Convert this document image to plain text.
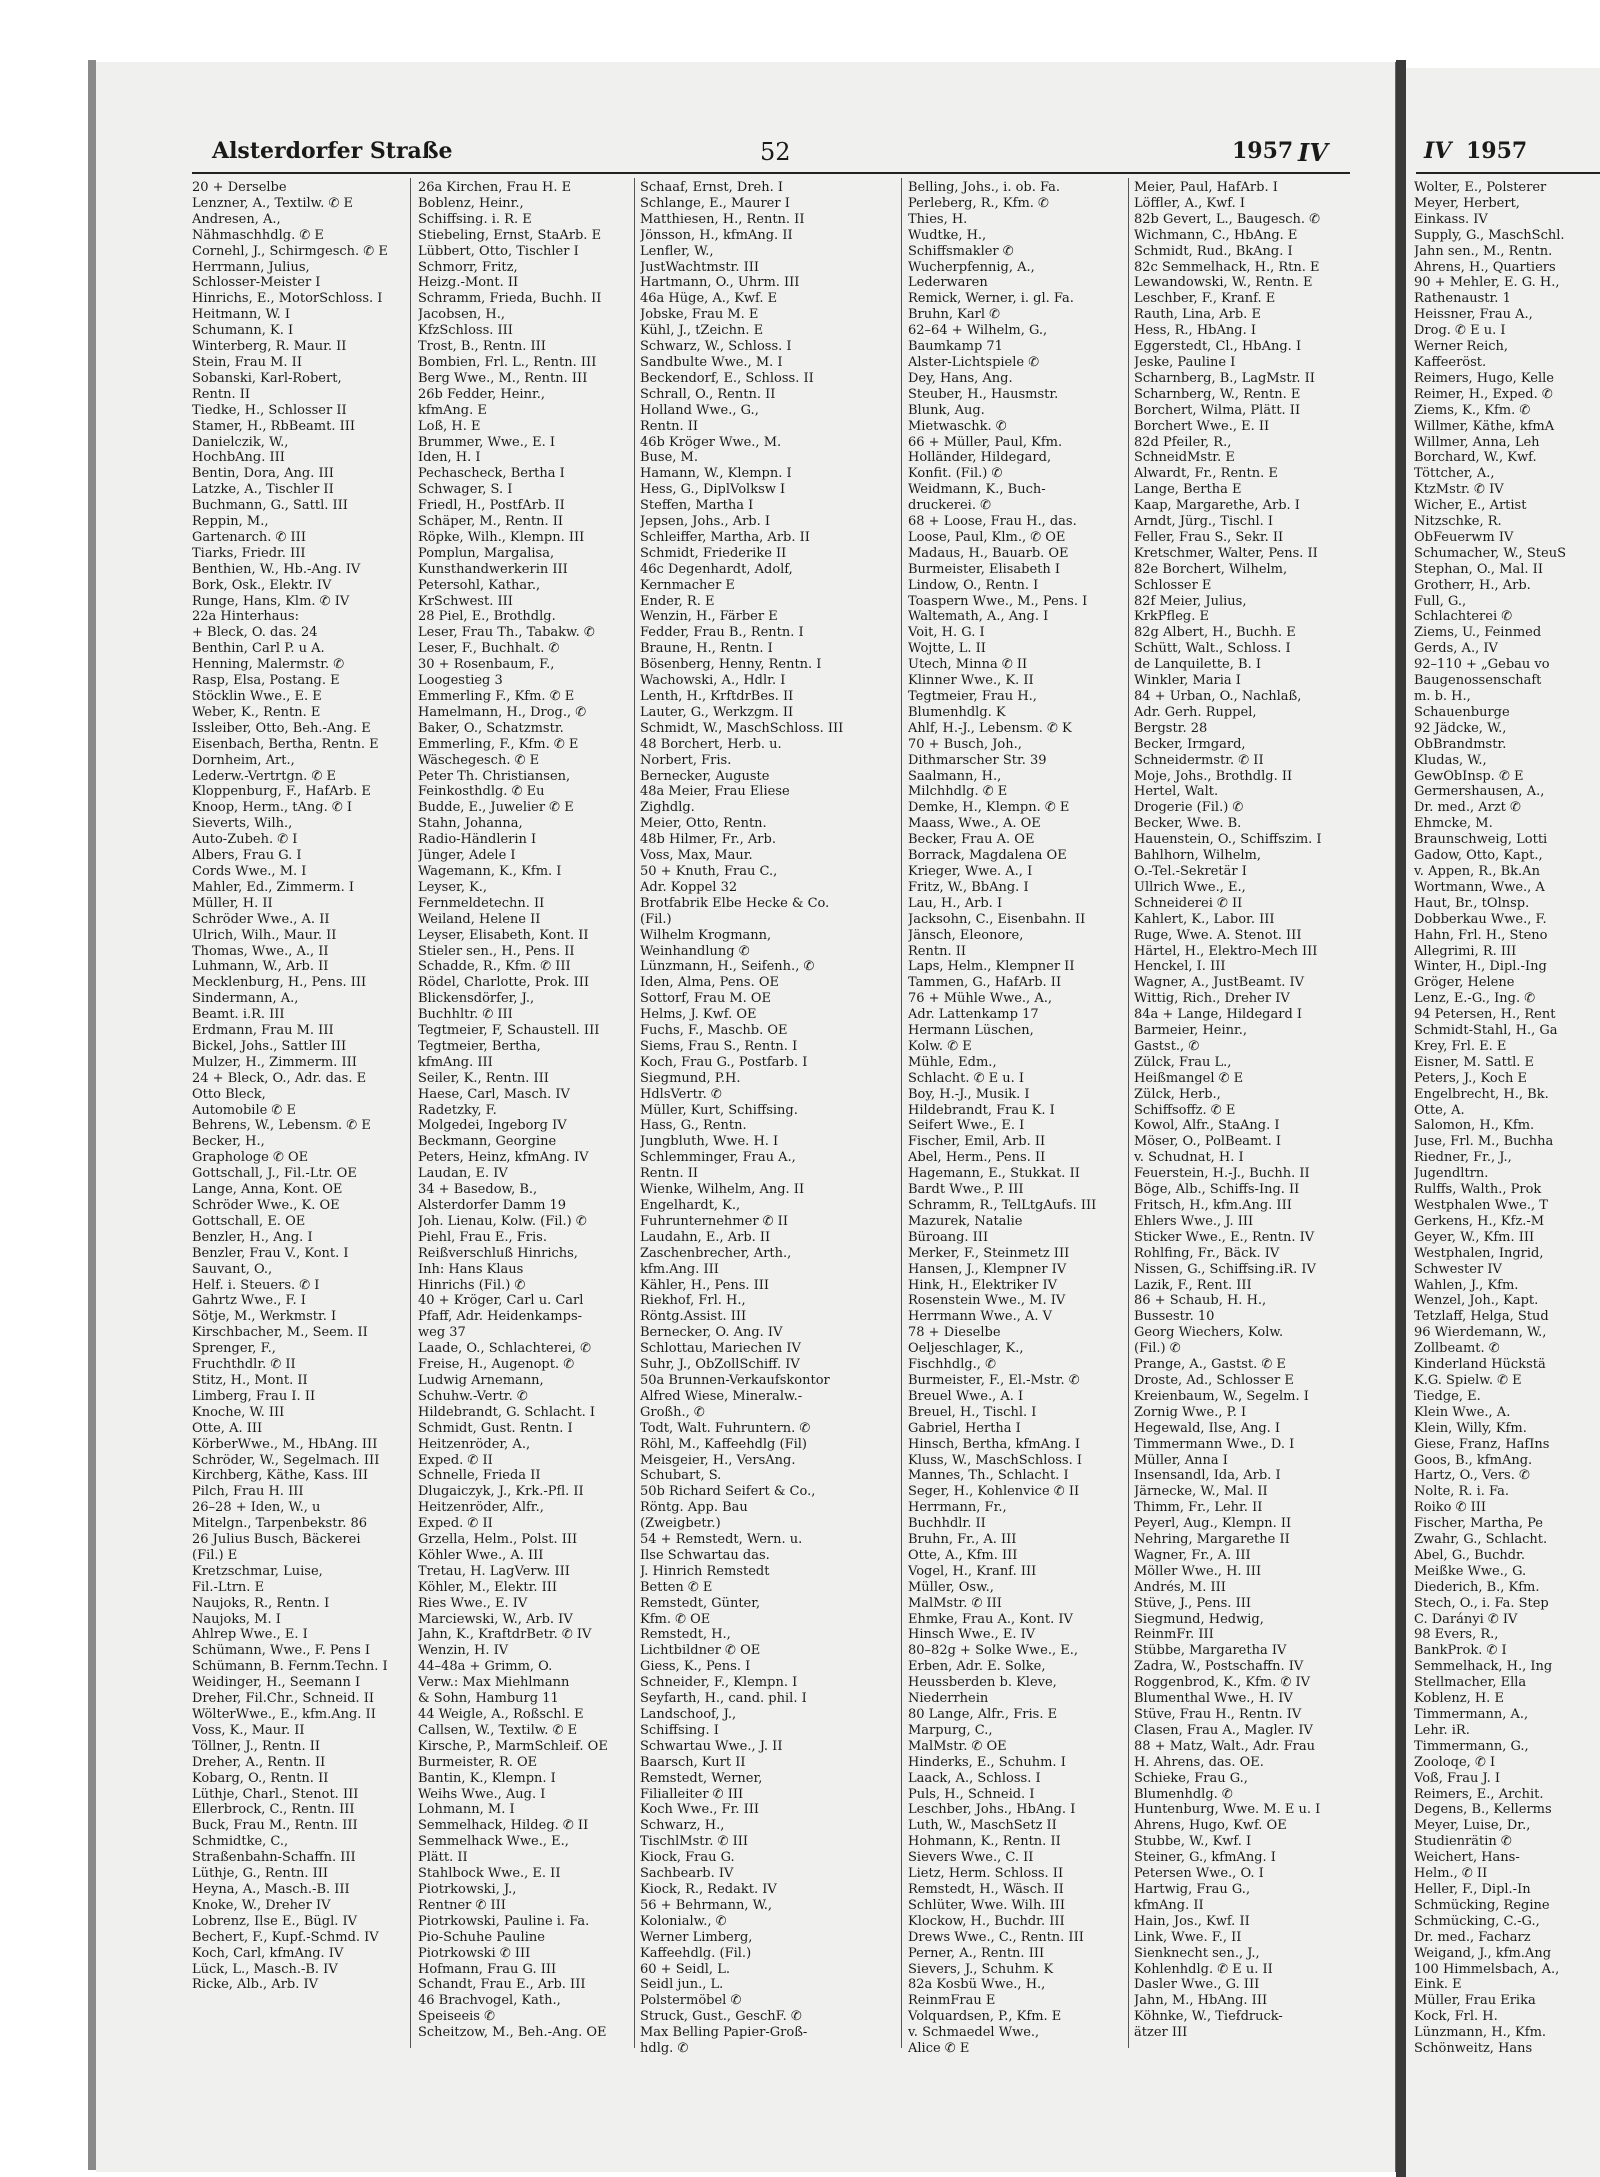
Alsterdorfer Straße	52	1957 IV	IV 1957
20 + Derselbe
Lenzner, A., Textilw. ✆ E
Andresen, A.,
Nähmaschhdlg. ✆ E
Cornehl, J., Schirmgesch. ✆ E
Herrmann, Julius,
Schlosser-Meister I
Hinrichs, E., MotorSchloss. I
Heitmann, W. I
Schumann, K. I
Winterberg, R. Maur. II
Stein, Frau M. II
Sobanski, Karl-Robert,
Rentn. II
Tiedke, H., Schlosser II
Stamer, H., RbBeamt. III
Danielczik, W.,
HochbAng. III
Bentin, Dora, Ang. III
Latzke, A., Tischler II
Buchmann, G., Sattl. III
Reppin, M.,
Gartenarch. ✆ III
Tiarks, Friedr. III
Benthien, W., Hb.-Ang. IV
Bork, Osk., Elektr. IV
Runge, Hans, Klm. ✆ IV
22a Hinterhaus:
+ Bleck, O. das. 24
Benthin, Carl P. u A.
Henning, Malermstr. ✆
Rasp, Elsa, Postang. E
Stöcklin Wwe., E. E
Weber, K., Rentn. E
Issleiber, Otto, Beh.-Ang. E
Eisenbach, Bertha, Rentn. E
Dornheim, Art.,
Lederw.-Vertrtgn. ✆ E
Kloppenburg, F., HafArb. E
Knoop, Herm., tAng. ✆ I
Sieverts, Wilh.,
Auto-Zubeh. ✆ I
Albers, Frau G. I
Cords Wwe., M. I
Mahler, Ed., Zimmerm. I
Müller, H. II
Schröder Wwe., A. II
Ulrich, Wilh., Maur. II
Thomas, Wwe., A., II
Luhmann, W., Arb. II
Mecklenburg, H., Pens. III
Sindermann, A.,
Beamt. i.R. III
Erdmann, Frau M. III
Bickel, Johs., Sattler III
Mulzer, H., Zimmerm. III
24 + Bleck, O., Adr. das. E
Otto Bleck,
Automobile ✆ E
Behrens, W., Lebensm. ✆ E
Becker, H.,
Graphologe ✆ OE
Gottschall, J., Fil.-Ltr. OE
Lange, Anna, Kont. OE
Schröder Wwe., K. OE
Gottschall, E. OE
Benzler, H., Ang. I
Benzler, Frau V., Kont. I
Sauvant, O.,
Helf. i. Steuers. ✆ I
Gahrtz Wwe., F. I
Sötje, M., Werkmstr. I
Kirschbacher, M., Seem. II
Sprenger, F.,
Fruchthdlr. ✆ II
Stitz, H., Mont. II
Limberg, Frau I. II
Knoche, W. III
Otte, A. III
KörberWwe., M., HbAng. III
Schröder, W., Segelmach. III
Kirchberg, Käthe, Kass. III
Pilch, Frau H. III
26–28 + Iden, W., u
Mitelgn., Tarpenbekstr. 86
26 Julius Busch, Bäckerei
(Fil.) E
Kretzschmar, Luise,
Fil.-Ltrn. E
Naujoks, R., Rentn. I
Naujoks, M. I
Ahlrep Wwe., E. I
Schümann, Wwe., F. Pens I
Schümann, B. Fernm.Techn. I
Weidinger, H., Seemann I
Dreher, Fil.Chr., Schneid. II
WölterWwe., E., kfm.Ang. II
Voss, K., Maur. II
Töllner, J., Rentn. II
Dreher, A., Rentn. II
Kobarg, O., Rentn. II
Lüthje, Charl., Stenot. III
Ellerbrock, C., Rentn. III
Buck, Frau M., Rentn. III
Schmidtke, C.,
Straßenbahn-Schaffn. III
Lüthje, G., Rentn. III
Heyna, A., Masch.-B. III
Knoke, W., Dreher IV
Lobrenz, Ilse E., Bügl. IV
Bechert, F., Kupf.-Schmd. IV
Koch, Carl, kfmAng. IV
Lück, L., Masch.-B. IV
Ricke, Alb., Arb. IV
26a Kirchen, Frau H. E
Boblenz, Heinr.,
Schiffsing. i. R. E
Stiebeling, Ernst, StaArb. E
Lübbert, Otto, Tischler I
Schmorr, Fritz,
Heizg.-Mont. II
Schramm, Frieda, Buchh. II
Jacobsen, H.,
KfzSchloss. III
Trost, B., Rentn. III
Bombien, Frl. L., Rentn. III
Berg Wwe., M., Rentn. III
26b Fedder, Heinr.,
kfmAng. E
Loß, H. E
Brummer, Wwe., E. I
Iden, H. I
Pechascheck, Bertha I
Schwager, S. I
Friedl, H., PostfArb. II
Schäper, M., Rentn. II
Röpke, Wilh., Klempn. III
Pomplun, Margalisa,
Kunsthandwerkerin III
Petersohl, Kathar.,
KrSchwest. III
28 Piel, E., Brothdlg.
Leser, Frau Th., Tabakw. ✆
Leser, F., Buchhalt. ✆
30 + Rosenbaum, F.,
Loogestieg 3
Emmerling F., Kfm. ✆ E
Hamelmann, H., Drog., ✆
Baker, O., Schatzmstr.
Emmerling, F., Kfm. ✆ E
Wäschegesch. ✆ E
Peter Th. Christiansen,
Feinkosthdlg. ✆ Eu
Budde, E., Juwelier ✆ E
Stahn, Johanna,
Radio-Händlerin I
Jünger, Adele I
Wagemann, K., Kfm. I
Leyser, K.,
Fernmeldetechn. II
Weiland, Helene II
Leyser, Elisabeth, Kont. II
Stieler sen., H., Pens. II
Schadde, R., Kfm. ✆ III
Rödel, Charlotte, Prok. III
Blickensdörfer, J.,
Buchhltr. ✆ III
Tegtmeier, F, Schaustell. III
Tegtmeier, Bertha,
kfmAng. III
Seiler, K., Rentn. III
Haese, Carl, Masch. IV
Radetzky, F.
Molgedei, Ingeborg IV
Beckmann, Georgine
Peters, Heinz, kfmAng. IV
Laudan, E. IV
34 + Basedow, B.,
Alsterdorfer Damm 19
Joh. Lienau, Kolw. (Fil.) ✆
Piehl, Frau E., Fris.
Reißverschluß Hinrichs,
Inh: Hans Klaus
Hinrichs (Fil.) ✆
40 + Kröger, Carl u. Carl
Pfaff, Adr. Heidenkamps-
weg 37
Laade, O., Schlachterei, ✆
Freise, H., Augenopt. ✆
Ludwig Arnemann,
Schuhw.-Vertr. ✆
Hildebrandt, G. Schlacht. I
Schmidt, Gust. Rentn. I
Heitzenröder, A.,
Exped. ✆ II
Schnelle, Frieda II
Dlugaiczyk, J., Krk.-Pfl. II
Heitzenröder, Alfr.,
Exped. ✆ II
Grzella, Helm., Polst. III
Köhler Wwe., A. III
Tretau, H. LagVerw. III
Köhler, M., Elektr. III
Ries Wwe., E. IV
Marciewski, W., Arb. IV
Jahn, K., KraftdrBetr. ✆ IV
Wenzin, H. IV
44–48a + Grimm, O.
Verw.: Max Miehlmann
& Sohn, Hamburg 11
44 Weigle, A., Roßschl. E
Callsen, W., Textilw. ✆ E
Kirsche, P., MarmSchleif. OE
Burmeister, R. OE
Bantin, K., Klempn. I
Weihs Wwe., Aug. I
Lohmann, M. I
Semmelhack, Hildeg. ✆ II
Semmelhack Wwe., E.,
Plätt. II
Stahlbock Wwe., E. II
Piotrkowski, J.,
Rentner ✆ III
Piotrkowski, Pauline i. Fa.
Pio-Schuhe Pauline
Piotrkowski ✆ III
Hofmann, Frau G. III
Schandt, Frau E., Arb. III
46 Brachvogel, Kath.,
Speiseeis ✆
Scheitzow, M., Beh.-Ang. OE
Schaaf, Ernst, Dreh. I
Schlange, E., Maurer I
Matthiesen, H., Rentn. II
Jönsson, H., kfmAng. II
Lenfler, W.,
JustWachtmstr. III
Hartmann, O., Uhrm. III
46a Hüge, A., Kwf. E
Jobske, Frau M. E
Kühl, J., tZeichn. E
Schwarz, W., Schloss. I
Sandbulte Wwe., M. I
Beckendorf, E., Schloss. II
Schrall, O., Rentn. II
Holland Wwe., G.,
Rentn. II
46b Kröger Wwe., M.
Buse, M.
Hamann, W., Klempn. I
Hess, G., DiplVolksw I
Steffen, Martha I
Jepsen, Johs., Arb. I
Schleiffer, Martha, Arb. II
Schmidt, Friederike II
46c Degenhardt, Adolf,
Kernmacher E
Ender, R. E
Wenzin, H., Färber E
Fedder, Frau B., Rentn. I
Braune, H., Rentn. I
Bösenberg, Henny, Rentn. I
Wachowski, A., Hdlr. I
Lenth, H., KrftdrBes. II
Lauter, G., Werkzgm. II
Schmidt, W., MaschSchloss. III
48 Borchert, Herb. u.
Norbert, Fris.
Bernecker, Auguste
48a Meier, Frau Eliese
Zighdlg.
Meier, Otto, Rentn.
48b Hilmer, Fr., Arb.
Voss, Max, Maur.
50 + Knuth, Frau C.,
Adr. Koppel 32
Brotfabrik Elbe Hecke & Co.
(Fil.)
Wilhelm Krogmann,
Weinhandlung ✆
Lünzmann, H., Seifenh., ✆
Iden, Alma, Pens. OE
Sottorf, Frau M. OE
Helms, J. Kwf. OE
Fuchs, F., Maschb. OE
Siems, Frau S., Rentn. I
Koch, Frau G., Postfarb. I
Siegmund, P.H.
HdlsVertr. ✆
Müller, Kurt, Schiffsing.
Hass, G., Rentn.
Jungbluth, Wwe. H. I
Schlemminger, Frau A.,
Rentn. II
Wienke, Wilhelm, Ang. II
Engelhardt, K.,
Fuhrunternehmer ✆ II
Laudahn, E., Arb. II
Zaschenbrecher, Arth.,
kfm.Ang. III
Kähler, H., Pens. III
Riekhof, Frl. H.,
Röntg.Assist. III
Bernecker, O. Ang. IV
Schlottau, Mariechen IV
Suhr, J., ObZollSchiff. IV
50a Brunnen-Verkaufskontor
Alfred Wiese, Mineralw.-
Großh., ✆
Todt, Walt. Fuhruntern. ✆
Röhl, M., Kaffeehdlg (Fil)
Meisgeier, H., VersAng.
Schubart, S.
50b Richard Seifert & Co.,
Röntg. App. Bau
(Zweigbetr.)
54 + Remstedt, Wern. u.
Ilse Schwartau das.
J. Hinrich Remstedt
Betten ✆ E
Remstedt, Günter,
Kfm. ✆ OE
Remstedt, H.,
Lichtbildner ✆ OE
Giess, K., Pens. I
Schneider, F., Klempn. I
Seyfarth, H., cand. phil. I
Landschoof, J.,
Schiffsing. I
Schwartau Wwe., J. II
Baarsch, Kurt II
Remstedt, Werner,
Filialleiter ✆ III
Koch Wwe., Fr. III
Schwarz, H.,
TischlMstr. ✆ III
Kiock, Frau G.
Sachbearb. IV
Kiock, R., Redakt. IV
56 + Behrmann, W.,
Kolonialw., ✆
Werner Limberg,
Kaffeehdlg. (Fil.)
60 + Seidl, L.
Seidl jun., L.
Polstermöbel ✆
Struck, Gust., GeschF. ✆
Max Belling Papier-Groß-
hdlg. ✆
Belling, Johs., i. ob. Fa.
Perleberg, R., Kfm. ✆
Thies, H.
Wudtke, H.,
Schiffsmakler ✆
Wucherpfennig, A.,
Lederwaren
Remick, Werner, i. gl. Fa.
Bruhn, Karl ✆
62–64 + Wilhelm, G.,
Baumkamp 71
Alster-Lichtspiele ✆
Dey, Hans, Ang.
Steuber, H., Hausmstr.
Blunk, Aug.
Mietwaschk. ✆
66 + Müller, Paul, Kfm.
Holländer, Hildegard,
Konfit. (Fil.) ✆
Weidmann, K., Buch-
druckerei. ✆
68 + Loose, Frau H., das.
Loose, Paul, Klm., ✆ OE
Madaus, H., Bauarb. OE
Burmeister, Elisabeth I
Lindow, O., Rentn. I
Toaspern Wwe., M., Pens. I
Waltemath, A., Ang. I
Voit, H. G. I
Wojtte, L. II
Utech, Minna ✆ II
Klinner Wwe., K. II
Tegtmeier, Frau H.,
Blumenhdlg. K
Ahlf, H.-J., Lebensm. ✆ K
70 + Busch, Joh.,
Dithmarscher Str. 39
Saalmann, H.,
Milchhdlg. ✆ E
Demke, H., Klempn. ✆ E
Maass, Wwe., A. OE
Becker, Frau A. OE
Borrack, Magdalena OE
Krieger, Wwe. A., I
Fritz, W., BbAng. I
Lau, H., Arb. I
Jacksohn, C., Eisenbahn. II
Jänsch, Eleonore,
Rentn. II
Laps, Helm., Klempner II
Tammen, G., HafArb. II
76 + Mühle Wwe., A.,
Adr. Lattenkamp 17
Hermann Lüschen,
Kolw. ✆ E
Mühle, Edm.,
Schlacht. ✆ E u. I
Boy, H.-J., Musik. I
Hildebrandt, Frau K. I
Seifert Wwe., E. I
Fischer, Emil, Arb. II
Abel, Herm., Pens. II
Hagemann, E., Stukkat. II
Bardt Wwe., P. III
Schramm, R., TelLtgAufs. III
Mazurek, Natalie
Büroang. III
Merker, F., Steinmetz III
Hansen, J., Klempner IV
Hink, H., Elektriker IV
Rosenstein Wwe., M. IV
Herrmann Wwe., A. V
78 + Dieselbe
Oeljeschlager, K.,
Fischhdlg., ✆
Burmeister, F., El.-Mstr. ✆
Breuel Wwe., A. I
Breuel, H., Tischl. I
Gabriel, Hertha I
Hinsch, Bertha, kfmAng. I
Kluss, W., MaschSchloss. I
Mannes, Th., Schlacht. I
Seger, H., Kohlenvice ✆ II
Herrmann, Fr.,
Buchhdlr. II
Bruhn, Fr., A. III
Otte, A., Kfm. III
Vogel, H., Kranf. III
Müller, Osw.,
MalMstr. ✆ III
Ehmke, Frau A., Kont. IV
Hinsch Wwe., E. IV
80–82g + Solke Wwe., E.,
Erben, Adr. E. Solke,
Heussberden b. Kleve,
Niederrhein
80 Lange, Alfr., Fris. E
Marpurg, C.,
MalMstr. ✆ OE
Hinderks, E., Schuhm. I
Laack, A., Schloss. I
Puls, H., Schneid. I
Leschber, Johs., HbAng. I
Luth, W., MaschSetz II
Hohmann, K., Rentn. II
Sievers Wwe., C. II
Lietz, Herm. Schloss. II
Remstedt, H., Wäsch. II
Schlüter, Wwe. Wilh. III
Klockow, H., Buchdr. III
Drews Wwe., C., Rentn. III
Perner, A., Rentn. III
Sievers, J., Schuhm. K
82a Kosbü Wwe., H.,
ReinmFrau E
Volquardsen, P., Kfm. E
v. Schmaedel Wwe.,
Alice ✆ E
Meier, Paul, HafArb. I
Löffler, A., Kwf. I
82b Gevert, L., Baugesch. ✆
Wichmann, C., HbAng. E
Schmidt, Rud., BkAng. I
82c Semmelhack, H., Rtn. E
Lewandowski, W., Rentn. E
Leschber, F., Kranf. E
Rauth, Lina, Arb. E
Hess, R., HbAng. I
Eggerstedt, Cl., HbAng. I
Jeske, Pauline I
Scharnberg, B., LagMstr. II
Scharnberg, W., Rentn. E
Borchert, Wilma, Plätt. II
Borchert Wwe., E. II
82d Pfeiler, R.,
SchneidMstr. E
Alwardt, Fr., Rentn. E
Lange, Bertha E
Kaap, Margarethe, Arb. I
Arndt, Jürg., Tischl. I
Feller, Frau S., Sekr. II
Kretschmer, Walter, Pens. II
82e Borchert, Wilhelm,
Schlosser E
82f Meier, Julius,
KrkPfleg. E
82g Albert, H., Buchh. E
Schütt, Walt., Schloss. I
de Lanquilette, B. I
Winkler, Maria I
84 + Urban, O., Nachlaß,
Adr. Gerh. Ruppel,
Bergstr. 28
Becker, Irmgard,
Schneidermstr. ✆ II
Moje, Johs., Brothdlg. II
Hertel, Walt.
Drogerie (Fil.) ✆
Becker, Wwe. B.
Hauenstein, O., Schiffszim. I
Bahlhorn, Wilhelm,
O.-Tel.-Sekretär I
Ullrich Wwe., E.,
Schneiderei ✆ II
Kahlert, K., Labor. III
Ruge, Wwe. A. Stenot. III
Härtel, H., Elektro-Mech III
Henckel, I. III
Wagner, A., JustBeamt. IV
Wittig, Rich., Dreher IV
84a + Lange, Hildegard I
Barmeier, Heinr.,
Gastst., ✆
Zülck, Frau L.,
Heißmangel ✆ E
Zülck, Herb.,
Schiffsoffz. ✆ E
Kowol, Alfr., StaAng. I
Möser, O., PolBeamt. I
v. Schudnat, H. I
Feuerstein, H.-J., Buchh. II
Böge, Alb., Schiffs-Ing. II
Fritsch, H., kfm.Ang. III
Ehlers Wwe., J. III
Sticker Wwe., E., Rentn. IV
Rohlfing, Fr., Bäck. IV
Nissen, G., Schiffsing.iR. IV
Lazik, F., Rent. III
86 + Schaub, H. H.,
Bussestr. 10
Georg Wiechers, Kolw.
(Fil.) ✆
Prange, A., Gastst. ✆ E
Droste, Ad., Schlosser E
Kreienbaum, W., Segelm. I
Zornig Wwe., P. I
Hegewald, Ilse, Ang. I
Timmermann Wwe., D. I
Müller, Anna I
Insensandl, Ida, Arb. I
Järnecke, W., Mal. II
Thimm, Fr., Lehr. II
Peyerl, Aug., Klempn. II
Nehring, Margarethe II
Wagner, Fr., A. III
Möller Wwe., H. III
Andrés, M. III
Stüve, J., Pens. III
Siegmund, Hedwig,
ReinmFr. III
Stübbe, Margaretha IV
Zadra, W., Postschaffn. IV
Roggenbrod, K., Kfm. ✆ IV
Blumenthal Wwe., H. IV
Stüve, Frau H., Rentn. IV
Clasen, Frau A., Magler. IV
88 + Matz, Walt., Adr. Frau
H. Ahrens, das. OE.
Schieke, Frau G.,
Blumenhdlg. ✆
Huntenburg, Wwe. M. E u. I
Ahrens, Hugo, Kwf. OE
Stubbe, W., Kwf. I
Steiner, G., kfmAng. I
Petersen Wwe., O. I
Hartwig, Frau G.,
kfmAng. II
Hain, Jos., Kwf. II
Link, Wwe. F., II
Sienknecht sen., J.,
Kohlenhdlg. ✆ E u. II
Dasler Wwe., G. III
Jahn, M., HbAng. III
Köhnke, W., Tiefdruck-
ätzer III
Wolter, E., Polsterer
Meyer, Herbert,
Einkass. IV
Supply, G., MaschSchl.
Jahn sen., M., Rentn.
Ahrens, H., Quartiers
90 + Mehler, E. G. H.,
Rathenaustr. 1
Heissner, Frau A.,
Drog. ✆ E u. I
Werner Reich,
Kaffeeröst.
Reimers, Hugo, Kelle
Reimer, H., Exped. ✆
Ziems, K., Kfm. ✆
Willmer, Käthe, kfmA
Willmer, Anna, Leh
Borchard, W., Kwf.
Töttcher, A.,
KtzMstr. ✆ IV
Wicher, E., Artist
Nitzschke, R.
ObFeuerwm IV
Schumacher, W., SteuS
Stephan, O., Mal. II
Grotherr, H., Arb.
Full, G.,
Schlachterei ✆
Ziems, U., Feinmed
Gerds, A., IV
92–110 + „Gebau vo
Baugenossenschaft
m. b. H.,
Schauenburge
92 Jädcke, W.,
ObBrandmstr.
Kludas, W.,
GewObInsp. ✆ E
Germershausen, A.,
Dr. med., Arzt ✆
Ehmcke, M.
Braunschweig, Lotti
Gadow, Otto, Kapt.,
v. Appen, R., Bk.An
Wortmann, Wwe., A
Haut, Br., tOlnsp.
Dobberkau Wwe., F.
Hahn, Frl. H., Steno
Allegrimi, R. III
Winter, H., Dipl.-Ing
Gröger, Helene
Lenz, E.-G., Ing. ✆
94 Petersen, H., Rent
Schmidt-Stahl, H., Ga
Krey, Frl. E. E
Eisner, M. Sattl. E
Peters, J., Koch E
Engelbrecht, H., Bk.
Otte, A.
Salomon, H., Kfm.
Juse, Frl. M., Buchha
Riedner, Fr., J.,
Jugendltrn.
Rulffs, Walth., Prok
Westphalen Wwe., T
Gerkens, H., Kfz.-M
Geyer, W., Kfm. III
Westphalen, Ingrid,
Schwester IV
Wahlen, J., Kfm.
Wenzel, Joh., Kapt.
Tetzlaff, Helga, Stud
96 Wierdemann, W.,
Zollbeamt. ✆
Kinderland Hückstä
K.G. Spielw. ✆ E
Tiedge, E.
Klein Wwe., A.
Klein, Willy, Kfm.
Giese, Franz, HafIns
Goos, B., kfmAng.
Hartz, O., Vers. ✆
Nolte, R. i. Fa.
Roiko ✆ III
Fischer, Martha, Pe
Zwahr, G., Schlacht.
Abel, G., Buchdr.
Meißke Wwe., G.
Diederich, B., Kfm.
Stech, O., i. Fa. Step
C. Darányi ✆ IV
98 Evers, R.,
BankProk. ✆ I
Semmelhack, H., Ing
Stellmacher, Ella
Koblenz, H. E
Timmermann, A.,
Lehr. iR.
Timmermann, G.,
Zooloqe, ✆ I
Voß, Frau J. I
Reimers, E., Archit.
Degens, B., Kellerms
Meyer, Luise, Dr.,
Studienrätin ✆
Weichert, Hans-
Helm., ✆ II
Heller, F., Dipl.-In
Schmücking, Regine
Schmücking, C.-G.,
Dr. med., Facharz
Weigand, J., kfm.Ang
100 Himmelsbach, A.,
Eink. E
Müller, Frau Erika
Kock, Frl. H.
Lünzmann, H., Kfm.
Schönweitz, Hans
